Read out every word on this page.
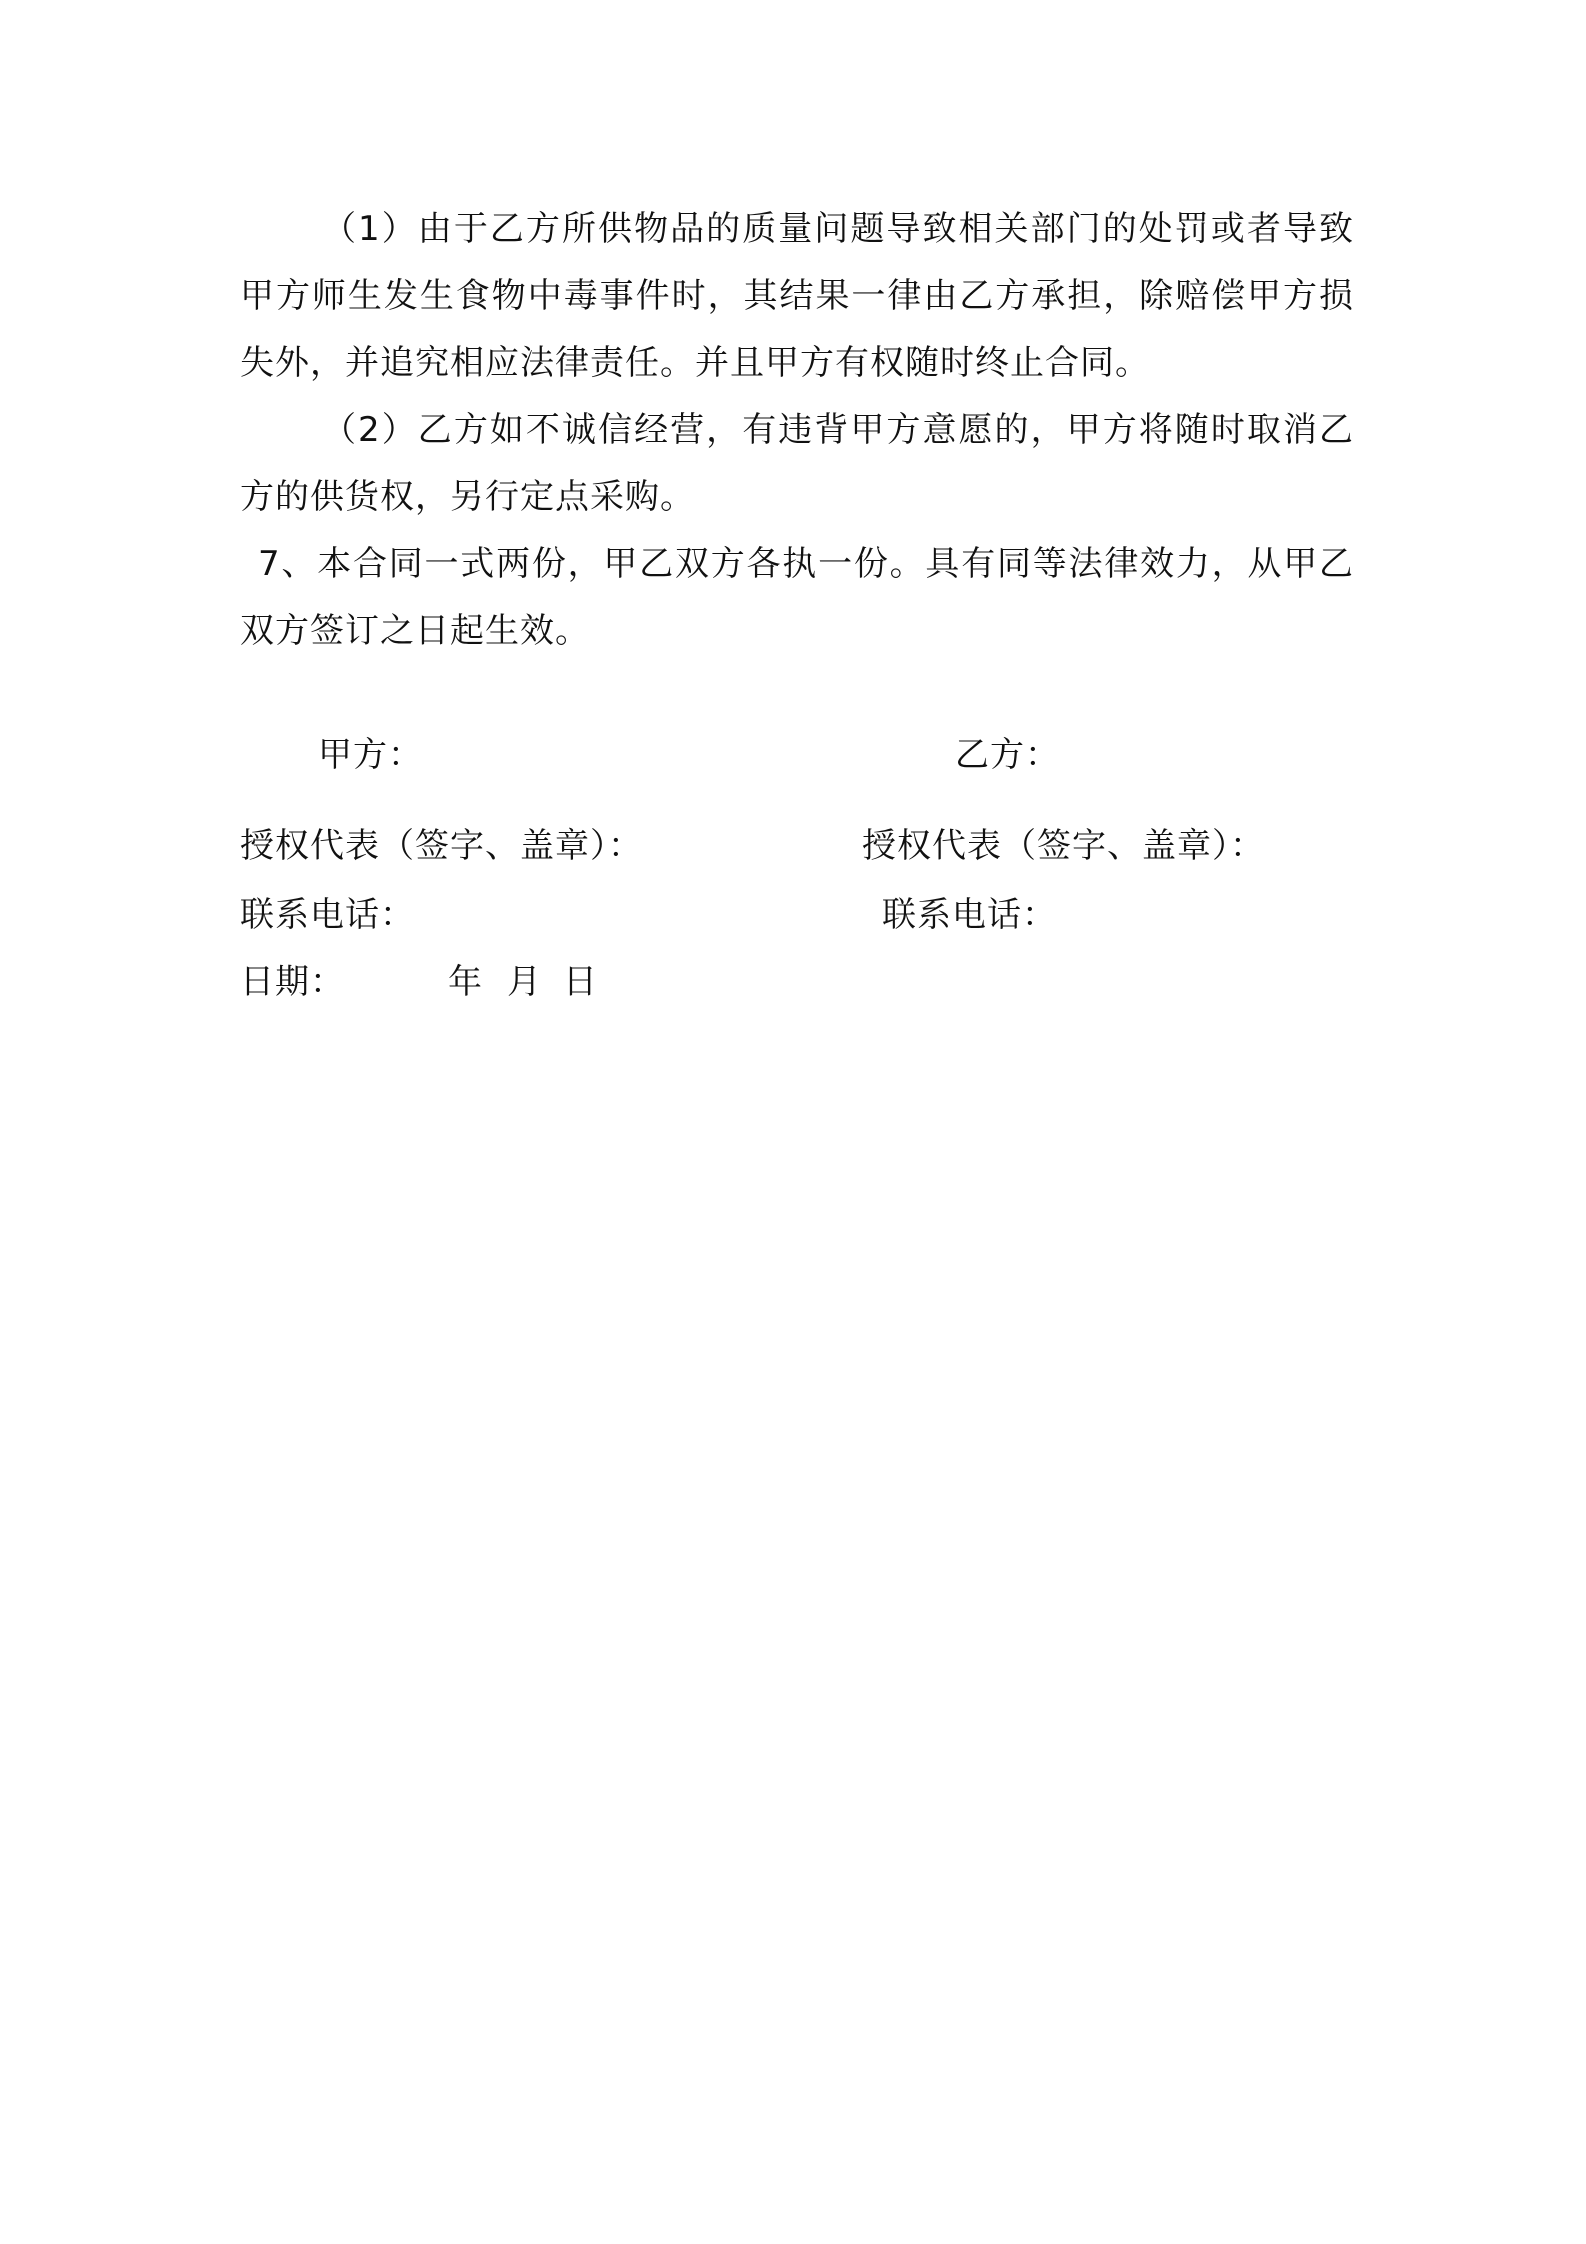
（1）由于乙方所供物品的质量问题导致相关部门的处罚或者导致甲方师生发生食物中毒事件时，其结果一律由乙方承担，除赔偿甲方损失外，并追究相应法律责任。并且甲方有权随时终止合同。

（2）乙方如不诚信经营，有违背甲方意愿的，甲方将随时取消乙方的供货权，另行定点采购。

7、本合同一式两份，甲乙双方各执一份。具有同等法律效力，从甲乙双方签订之日起生效。

甲方：	乙方：
授权代表（签字、盖章）：	授权代表（签字、盖章）：
联系电话：	联系电话：
日期：	年 月 日
